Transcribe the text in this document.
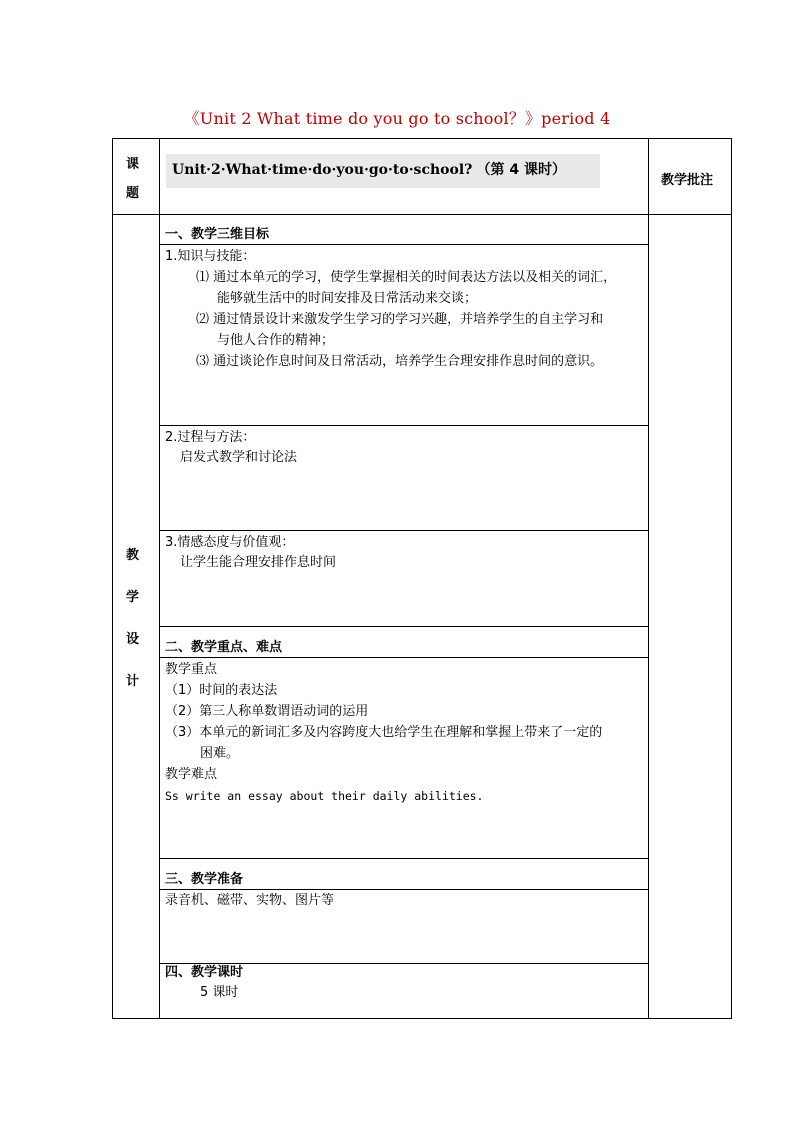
《Unit 2 What time do you go to school？》period 4
课
题
Unit·2·What·time·do·you·go·to·school? （第 4 课时）
教学批注
教
学
设
计
一、教学三维目标
1.知识与技能：
⑴ 通过本单元的学习，使学生掌握相关的时间表达方法以及相关的词汇，
能够就生活中的时间安排及日常活动来交谈；
⑵ 通过情景设计来激发学生学习的学习兴趣，并培养学生的自主学习和
与他人合作的精神；
⑶ 通过谈论作息时间及日常活动，培养学生合理安排作息时间的意识。
2.过程与方法：
启发式教学和讨论法
3.情感态度与价值观：
让学生能合理安排作息时间
二、教学重点、难点
教学重点
（1）时间的表达法
（2）第三人称单数谓语动词的运用
（3）本单元的新词汇多及内容跨度大也给学生在理解和掌握上带来了一定的
困难。
教学难点
Ss write an essay about their daily abilities.
三、教学准备
录音机、磁带、实物、图片等
四、教学课时
5 课时
